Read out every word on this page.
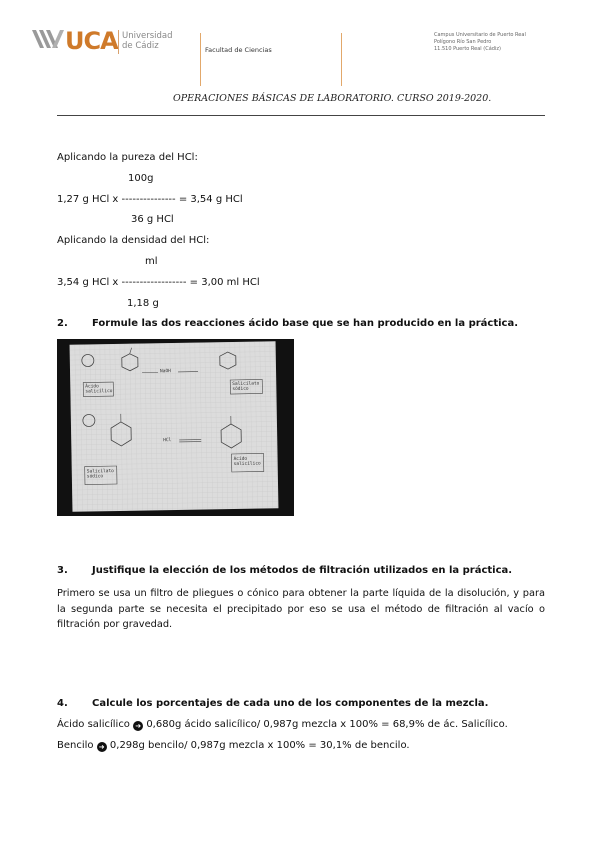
UCA Universidad
de Cádiz	Facultad de Ciencias
Campus Universitario de Puerto Real
Polígono Río San Pedro
11.510 Puerto Real (Cádiz)
OPERACIONES BÁSICAS DE LABORATORIO. CURSO 2019-2020.
Aplicando la pureza del HCl:
100g
1,27 g HCl x --------------- = 3,54 g HCl
36 g HCl
Aplicando la densidad del HCl:
ml
3,54 g HCl x ------------------ = 3,00 ml HCl
1,18 g
2. Formule las dos reacciones ácido base que se han producido en la práctica.
NaOH
Ácido salicílico
Salicilato sódico
HCl
Salicilato sódico
Ácido salicílico
3. Justifique la elección de los métodos de filtración utilizados en la práctica.
Primero se usa un filtro de pliegues o cónico para obtener la parte líquida de la disolución, y para la segunda parte se necesita el precipitado por eso se usa el método de filtración al vacío o filtración por gravedad.
4. Calcule los porcentajes de cada uno de los componentes de la mezcla.
Ácido salicílico ➜ 0,680g ácido salicílico/ 0,987g mezcla x 100% = 68,9% de ác. Salicílico.
Bencilo ➜ 0,298g bencilo/ 0,987g mezcla x 100% = 30,1% de bencilo.
